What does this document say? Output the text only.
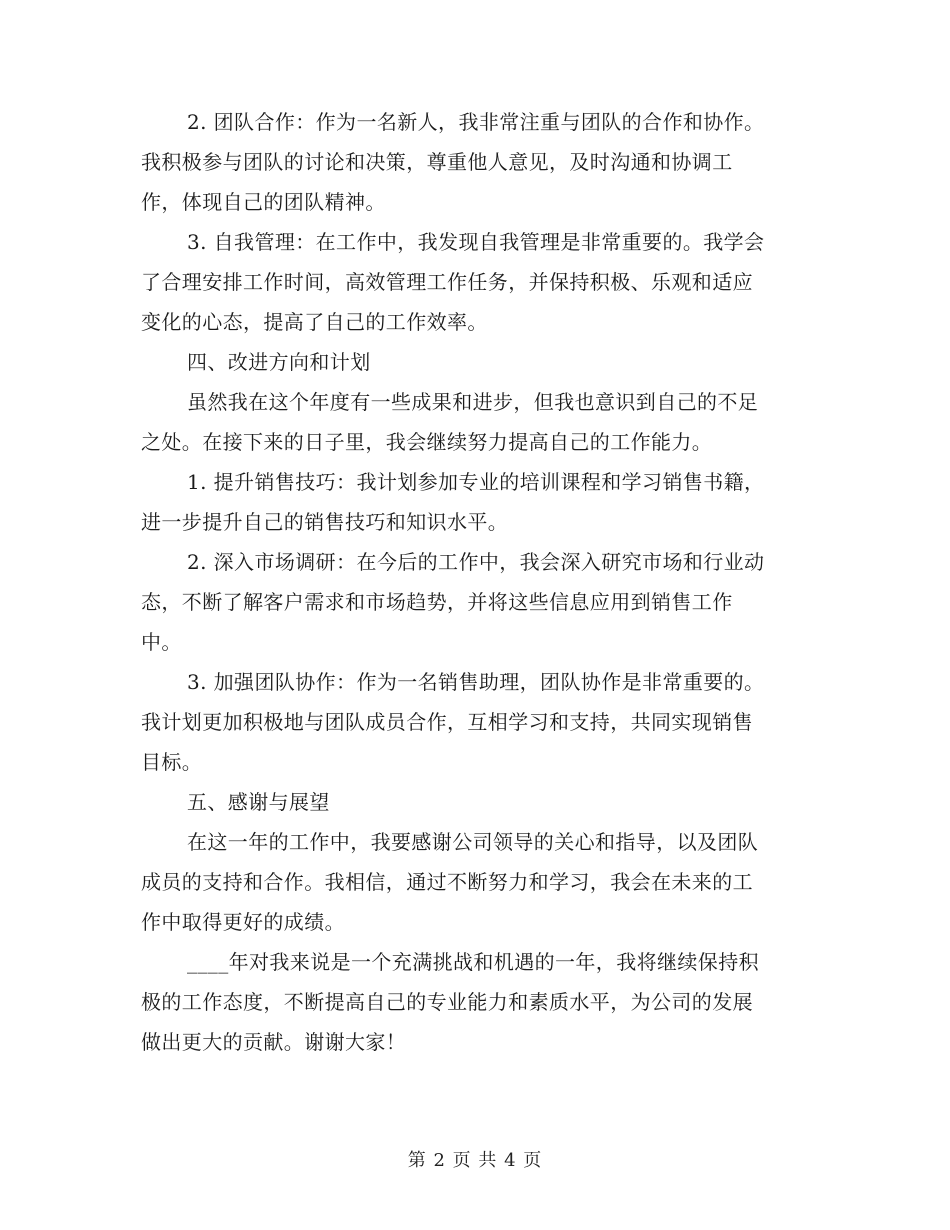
2. 团队合作：作为一名新人，我非常注重与团队的合作和协作。
我积极参与团队的讨论和决策，尊重他人意见，及时沟通和协调工
作，体现自己的团队精神。

3. 自我管理：在工作中，我发现自我管理是非常重要的。我学会
了合理安排工作时间，高效管理工作任务，并保持积极、乐观和适应
变化的心态，提高了自己的工作效率。

四、改进方向和计划

虽然我在这个年度有一些成果和进步，但我也意识到自己的不足
之处。在接下来的日子里，我会继续努力提高自己的工作能力。

1. 提升销售技巧：我计划参加专业的培训课程和学习销售书籍，
进一步提升自己的销售技巧和知识水平。

2. 深入市场调研：在今后的工作中，我会深入研究市场和行业动
态，不断了解客户需求和市场趋势，并将这些信息应用到销售工作
中。

3. 加强团队协作：作为一名销售助理，团队协作是非常重要的。
我计划更加积极地与团队成员合作，互相学习和支持，共同实现销售
目标。

五、感谢与展望

在这一年的工作中，我要感谢公司领导的关心和指导，以及团队
成员的支持和合作。我相信，通过不断努力和学习，我会在未来的工
作中取得更好的成绩。

____年对我来说是一个充满挑战和机遇的一年，我将继续保持积
极的工作态度，不断提高自己的专业能力和素质水平，为公司的发展
做出更大的贡献。谢谢大家！

第 2 页 共 4 页
